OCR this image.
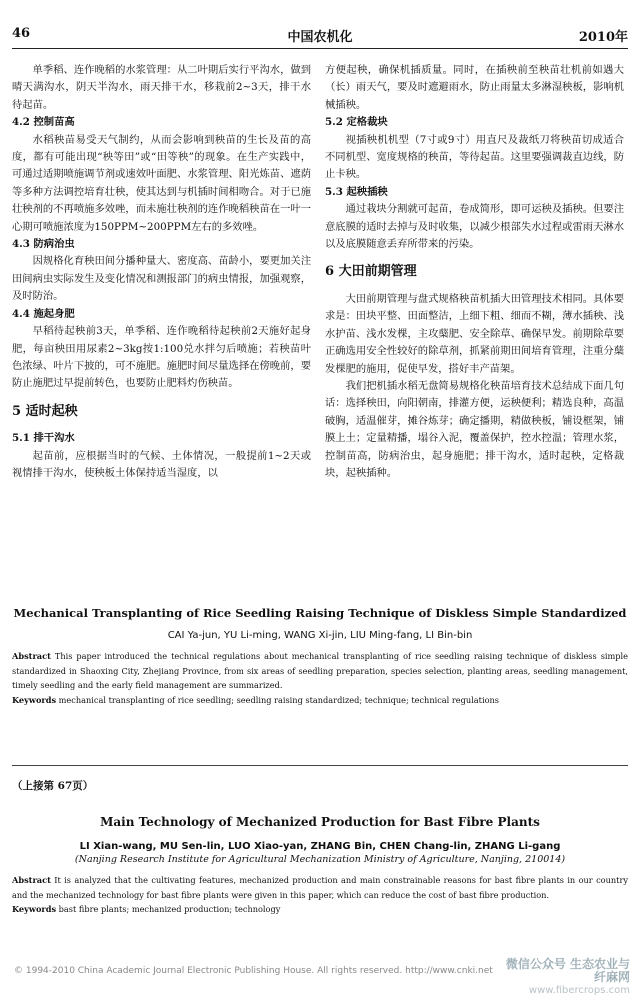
46	中国农机化	2010年

单季稻、连作晚稻的水浆管理：从二叶期后实行平沟水，做到晴天满沟水，阴天半沟水，雨天排干水，移栽前2~3天，排干水待起苗。

4.2 控制苗高

水稻秧苗易受天气制约，从而会影响到秧苗的生长及苗的高度，都有可能出现“秧等田”或“田等秧”的现象。在生产实践中，可通过适期喷施调节剂或速效叶面肥、水浆管理、阳光炼苗、遮荫等多种方法调控培育壮秧，使其达到与机插时间相吻合。对于已施壮秧剂的不再喷施多效唑，而未施壮秧剂的连作晚稻秧苗在一叶一心期可喷施浓度为150PPM~200PPM左右的多效唑。

4.3 防病治虫

因规格化育秧田间分播种量大、密度高、苗龄小，要更加关注田间病虫实际发生及变化情况和测报部门的病虫情报，加强观察，及时防治。

4.4 施起身肥

早稻待起秧前3天，单季稻、连作晚稻待起秧前2天施好起身肥，每亩秧田用尿素2~3kg按1:100兑水拌匀后喷施；若秧苗叶色浓绿、叶片下披的，可不施肥。施肥时间尽量选择在傍晚前，要防止施肥过早提前转色，也要防止肥料灼伤秧苗。

5 适时起秧
5.1 排干沟水

起苗前，应根据当时的气候、土体情况，一般提前1~2天或视情排干沟水，使秧板土体保持适当湿度，以

方便起秧，确保机插质量。同时，在插秧前至秧苗壮机前如遇大（长）雨天气，要及时遮避雨水，防止雨量太多淋湿秧板，影响机械插秧。

5.2 定格裁块

视插秧机机型（7寸或9寸）用直尺及裁纸刀将秧苗切成适合不同机型、宽度规格的秧苗，等待起苗。这里要强调裁直边线，防止卡秧。

5.3 起秧插秧

通过栽块分割就可起苗，卷成简形，即可运秧及插秧。但要注意底膜的适时去掉与及时收集，以减少根部失水过程或雷雨天淋水以及底膜随意丢弃所带来的污染。

6 大田前期管理

大田前期管理与盘式规格秧苗机插大田管理技术相同。具体要求是：田块平整、田面整洁，上细下粗、细而不糊，薄水插秧、浅水护苗、浅水发棵，主攻蘖肥、安全除草、确保早发。前期除草要正确选用安全性较好的除草剂，抓紧前期田间培育管理，注重分蘖发棵肥的施用，促使早发，搭好丰产苗架。

我们把机插水稻无盘简易规格化秧苗培育技术总结成下面几句话：选择秧田，向阳朝南，排灌方便，运秧便利；精选良种，高温破胸，适温催芽，摊谷炼芽；确定播期，精做秧板，铺设框架，铺膜上土；定量精播，塌谷入泥，覆盖保护，控水控温；管理水浆，控制苗高，防病治虫，起身施肥；排干沟水，适时起秧，定格裁块，起秧插种。

Mechanical Transplanting of Rice Seedling Raising Technique of Diskless Simple Standardized
CAI Ya-jun, YU Li-ming, WANG Xi-jin, LIU Ming-fang, LI Bin-bin
Abstract This paper introduced the technical regulations about mechanical transplanting of rice seedling raising technique of diskless simple standardized in Shaoxing City, Zhejiang Province, from six areas of seedling preparation, species selection, planting areas, seedling management, timely seedling and the early field management are summarized.
Keywords mechanical transplanting of rice seedling; seedling raising standardized; technique; technical regulations
（上接第 67页）
Main Technology of Mechanized Production for Bast Fibre Plants
LI Xian-wang, MU Sen-lin, LUO Xiao-yan, ZHANG Bin, CHEN Chang-lin, ZHANG Li-gang
(Nanjing Research Institute for Agricultural Mechanization Ministry of Agriculture, Nanjing, 210014)
Abstract It is analyzed that the cultivating features, mechanized production and main constrainable reasons for bast fibre plants in our country and the mechanized technology for bast fibre plants were given in this paper, which can reduce the cost of bast fibre production.
Keywords bast fibre plants; mechanized production; technology
© 1994-2010 China Academic Journal Electronic Publishing House. All rights reserved. http://www.cnki.net	微信公众号 生态农业与纤麻网
www.fibercrops.com
